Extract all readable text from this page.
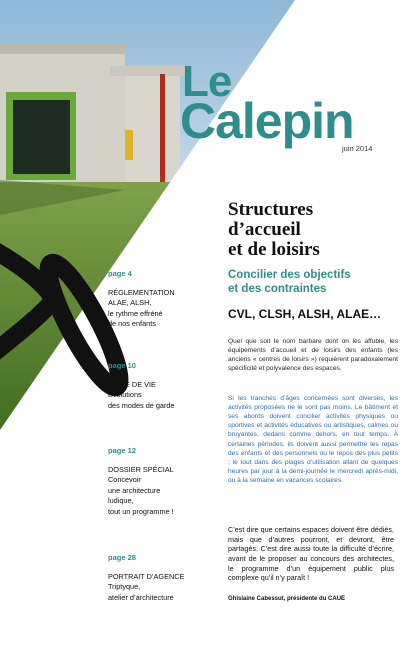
Le
Calepin
juin 2014
Structures
d’accueil
et de loisirs
Concilier des objectifs
et des contraintes
CVL, CLSH, ALSH, ALAE…

Quel que soit le nom barbare dont on les affuble, les équipements d’accueil et de loisirs des enfants (les anciens « centres de loisirs ») requièrent paradoxalement spécificité et polyvalence des espaces.

Si les tranches d’âges concernées sont diverses, les activités proposées ne le sont pas moins. Le bâtiment et ses abords doivent concilier activités physiques ou sportives et activités éducatives ou artistiques, calmes ou bruyantes, dedans comme dehors, en tout temps. À certaines périodes, ils doivent aussi permettre les repas des enfants et des personnels ou le repos des plus petits ; le tout dans des plages d’utilisation allant de quelques heures par jour à la demi-journée le mercredi après-midi, ou à la semaine en vacances scolaires.

C’est dire que certains espaces doivent être dédiés, mais que d’autres pourront, et devront, être partagés. C’est dire aussi toute la difficulté d’écrire, avant de le proposer au concours des architectes, le programme d’un équipement public plus complexe qu’il n’y paraît !

Ghislaine Cabessut, présidente du CAUE
page 4
RÉGLEMENTATION
ALAE, ALSH,
le rythme effréné
de nos enfants
page 10
MODE DE VIE
Évolutions
des modes de garde
page 12
DOSSIER SPÉCIAL
Concevoir
une architecture
ludique,
tout un programme !
page 28
PORTRAIT D’AGENCE
Triptyque,
atelier d’architecture
